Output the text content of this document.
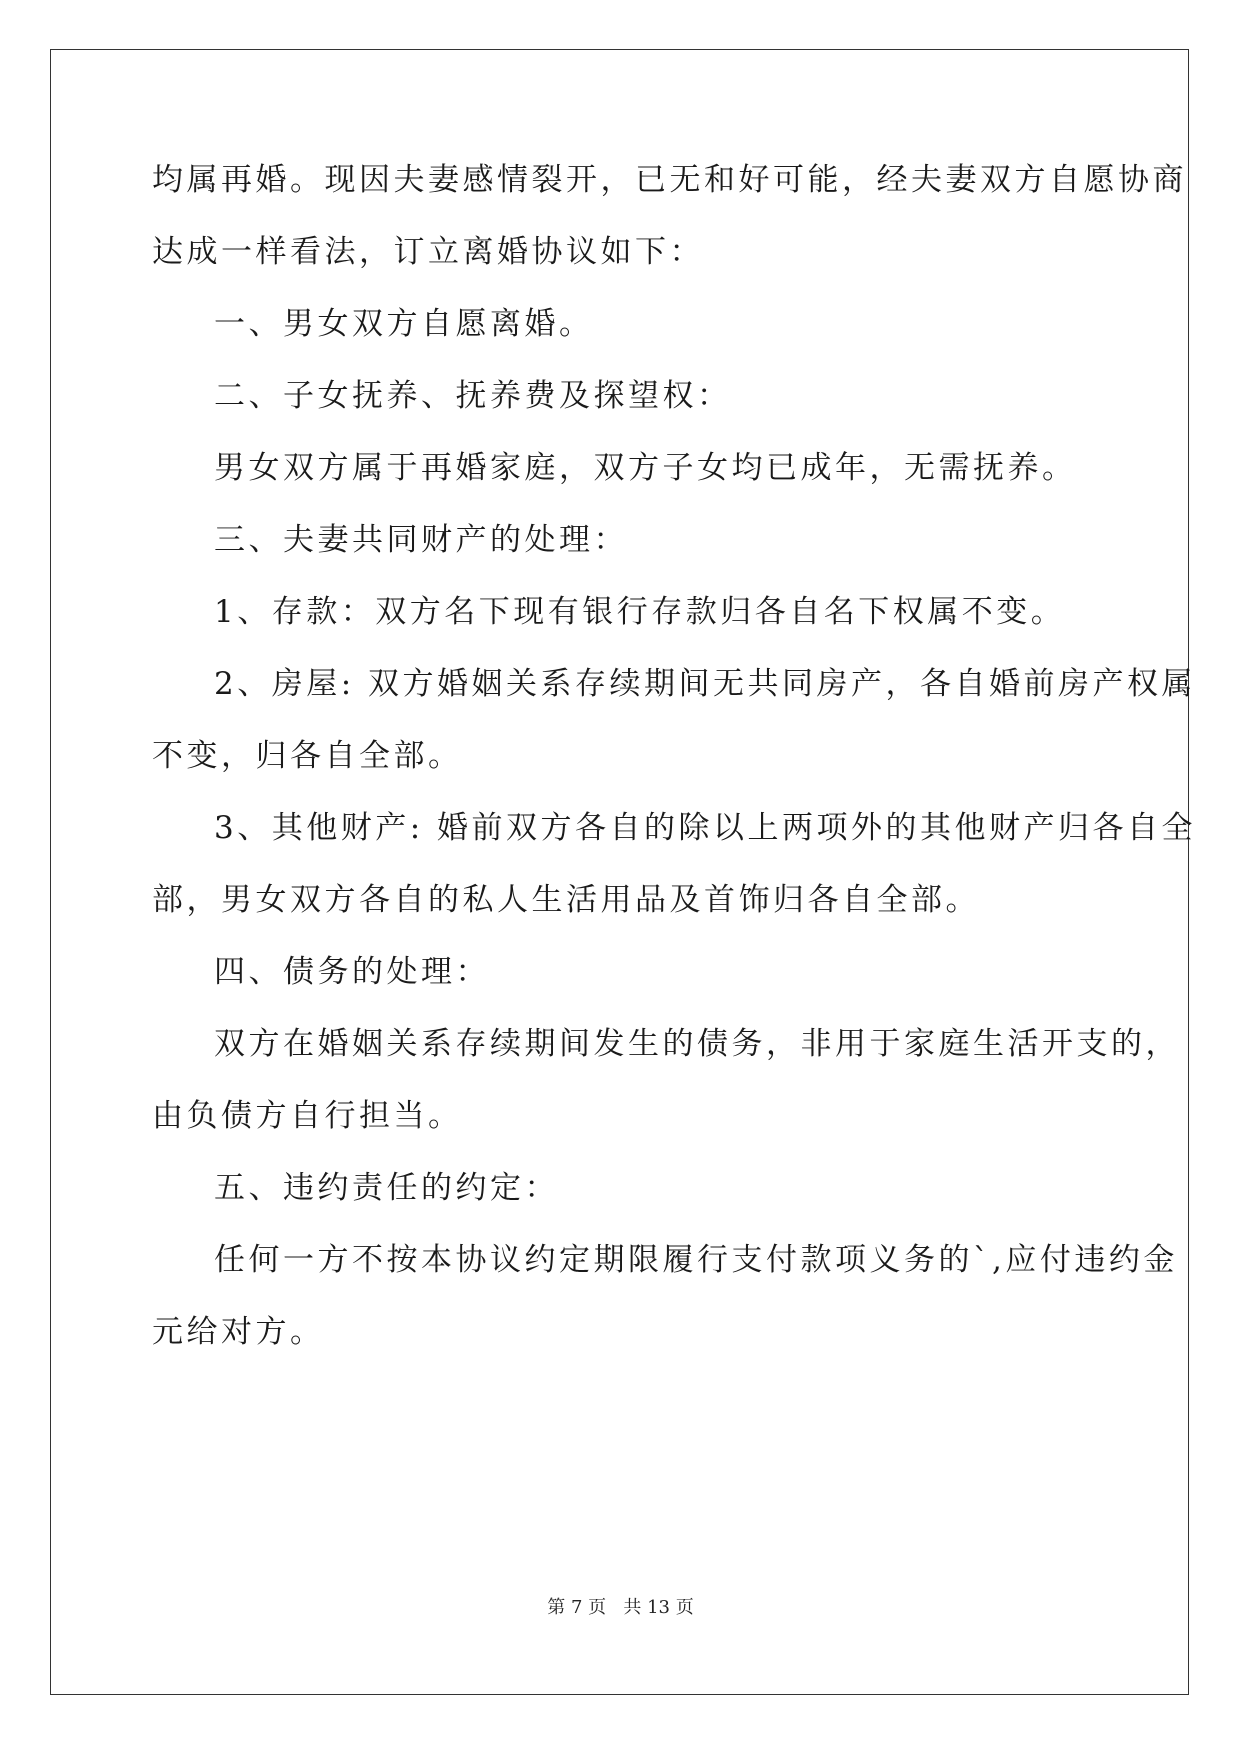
均属再婚。现因夫妻感情裂开，已无和好可能，经夫妻双方自愿协商
达成一样看法，订立离婚协议如下：
一、男女双方自愿离婚。
二、子女抚养、抚养费及探望权：
男女双方属于再婚家庭，双方子女均已成年，无需抚养。
三、夫妻共同财产的处理：
1、存款：双方名下现有银行存款归各自名下权属不变。
2、房屋: 双方婚姻关系存续期间无共同房产，各自婚前房产权属
不变，归各自全部。
3、其他财产: 婚前双方各自的除以上两项外的其他财产归各自全
部，男女双方各自的私人生活用品及首饰归各自全部。
四、债务的处理：
双方在婚姻关系存续期间发生的债务，非用于家庭生活开支的，
由负债方自行担当。
五、违约责任的约定：
任何一方不按本协议约定期限履行支付款项义务的`,应付违约金
元给对方。
第 7 页   共 13 页
